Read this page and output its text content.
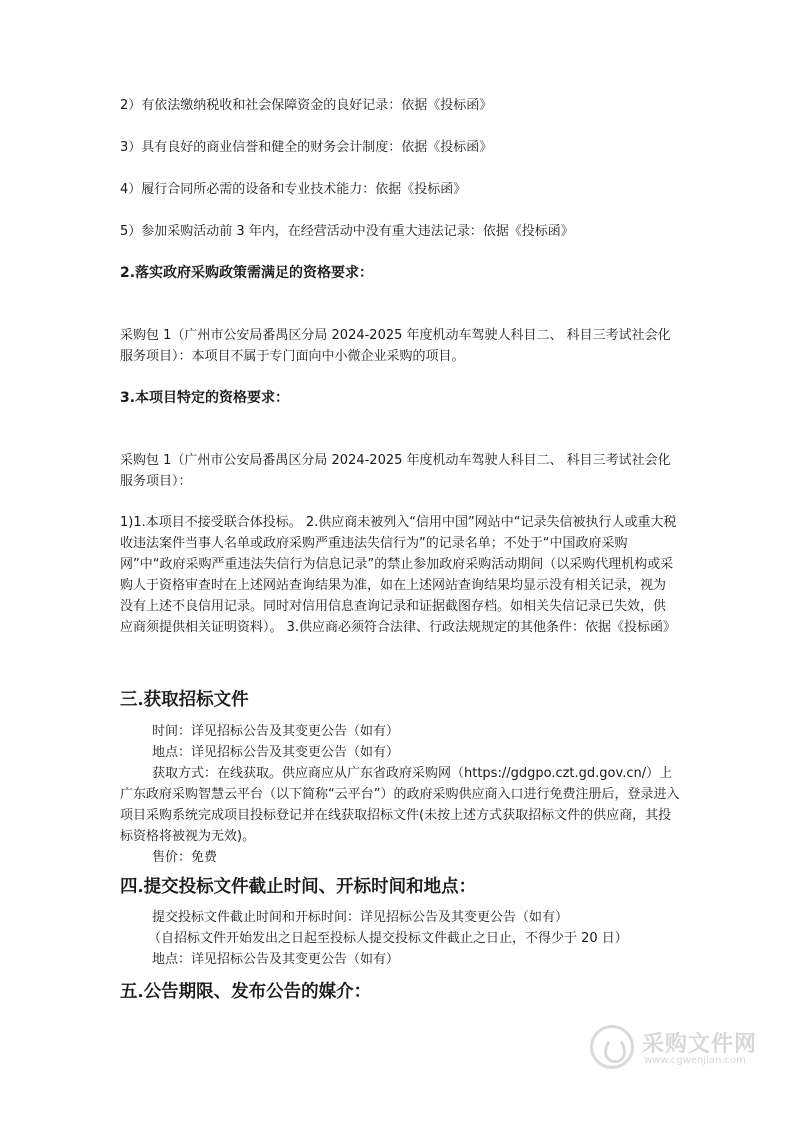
2）有依法缴纳税收和社会保障资金的良好记录：依据《投标函》

3）具有良好的商业信誉和健全的财务会计制度：依据《投标函》

4）履行合同所必需的设备和专业技术能力：依据《投标函》

5）参加采购活动前 3 年内，在经营活动中没有重大违法记录：依据《投标函》

2.落实政府采购政策需满足的资格要求：

采购包 1（广州市公安局番禺区分局 2024-2025 年度机动车驾驶人科目二、 科目三考试社会化服务项目）：本项目不属于专门面向中小微企业采购的项目。

3.本项目特定的资格要求：

采购包 1（广州市公安局番禺区分局 2024-2025 年度机动车驾驶人科目二、 科目三考试社会化服务项目）：

1)1.本项目不接受联合体投标。 2.供应商未被列入“信用中国”网站中“记录失信被执行人或重大税收违法案件当事人名单或政府采购严重违法失信行为”的记录名单；不处于“中国政府采购网”中“政府采购严重违法失信行为信息记录”的禁止参加政府采购活动期间（以采购代理机构或采购人于资格审查时在上述网站查询结果为准，如在上述网站查询结果均显示没有相关记录，视为没有上述不良信用记录。同时对信用信息查询记录和证据截图存档。如相关失信记录已失效，供应商须提供相关证明资料）。 3.供应商必须符合法律、行政法规规定的其他条件：依据《投标函》

三.获取招标文件

时间：详见招标公告及其变更公告（如有）

地点：详见招标公告及其变更公告（如有）

获取方式：在线获取。供应商应从广东省政府采购网（https://gdgpo.czt.gd.gov.cn/）上广东政府采购智慧云平台（以下简称“云平台”）的政府采购供应商入口进行免费注册后，登录进入项目采购系统完成项目投标登记并在线获取招标文件(未按上述方式获取招标文件的供应商，其投标资格将被视为无效)。

售价：免费

四.提交投标文件截止时间、开标时间和地点：

提交投标文件截止时间和开标时间：详见招标公告及其变更公告（如有）

（自招标文件开始发出之日起至投标人提交投标文件截止之日止，不得少于 20 日）

地点：详见招标公告及其变更公告（如有）

五.公告期限、发布公告的媒介：
采购文件网
www.cgwenjian.com
